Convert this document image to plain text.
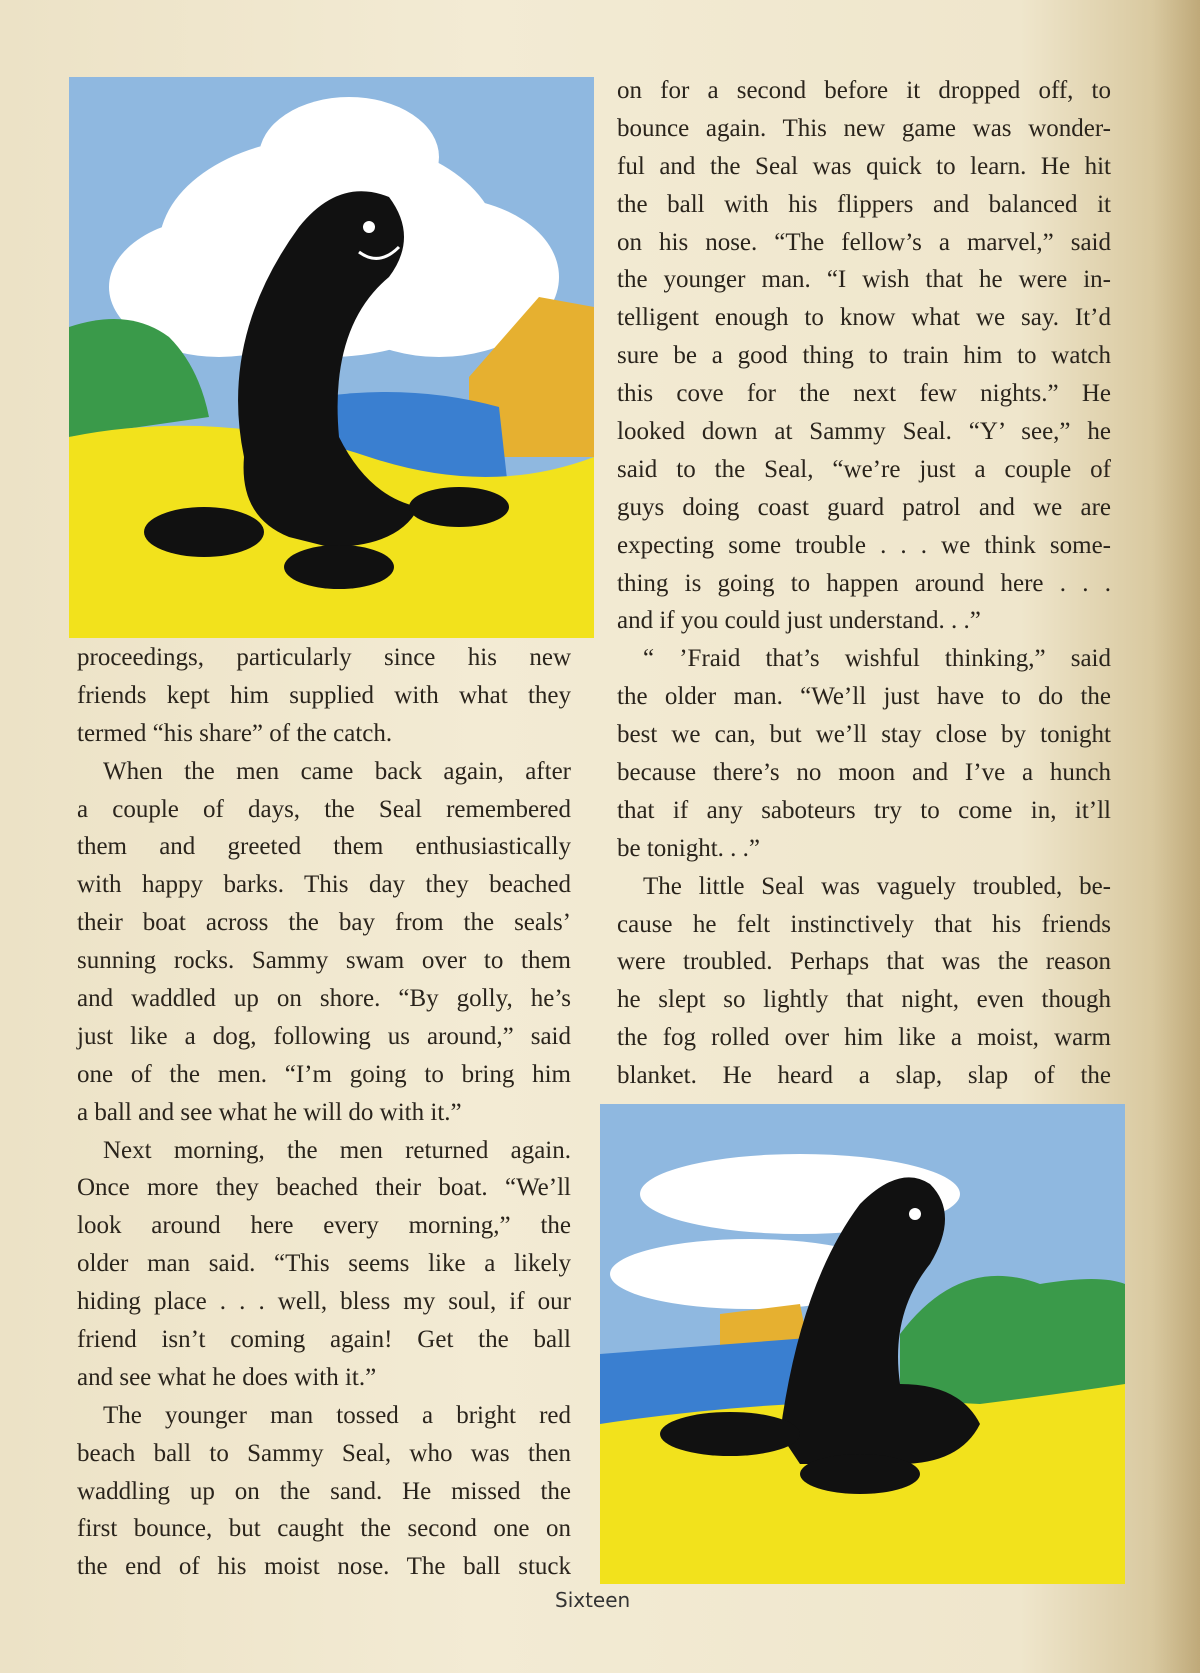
proceedings, particularly since his new
friends kept him supplied with what they
termed “his share” of the catch.
When the men came back again, after
a couple of days, the Seal remembered
them and greeted them enthusiastically
with happy barks. This day they beached
their boat across the bay from the seals’
sunning rocks. Sammy swam over to them
and waddled up on shore. “By golly, he’s
just like a dog, following us around,” said
one of the men. “I’m going to bring him
a ball and see what he will do with it.”
Next morning, the men returned again.
Once more they beached their boat. “We’ll
look around here every morning,” the
older man said. “This seems like a likely
hiding place . . . well, bless my soul, if our
friend isn’t coming again! Get the ball
and see what he does with it.”
The younger man tossed a bright red
beach ball to Sammy Seal, who was then
waddling up on the sand. He missed the
first bounce, but caught the second one on
the end of his moist nose. The ball stuck
on for a second before it dropped off, to
bounce again. This new game was wonder-
ful and the Seal was quick to learn. He hit
the ball with his flippers and balanced it
on his nose. “The fellow’s a marvel,” said
the younger man. “I wish that he were in-
telligent enough to know what we say. It’d
sure be a good thing to train him to watch
this cove for the next few nights.” He
looked down at Sammy Seal. “Y’ see,” he
said to the Seal, “we’re just a couple of
guys doing coast guard patrol and we are
expecting some trouble . . . we think some-
thing is going to happen around here . . .
and if you could just understand. . .”
“ ’Fraid that’s wishful thinking,” said
the older man. “We’ll just have to do the
best we can, but we’ll stay close by tonight
because there’s no moon and I’ve a hunch
that if any saboteurs try to come in, it’ll
be tonight. . .”
The little Seal was vaguely troubled, be-
cause he felt instinctively that his friends
were troubled. Perhaps that was the reason
he slept so lightly that night, even though
the fog rolled over him like a moist, warm
blanket. He heard a slap, slap of the
Sixteen
